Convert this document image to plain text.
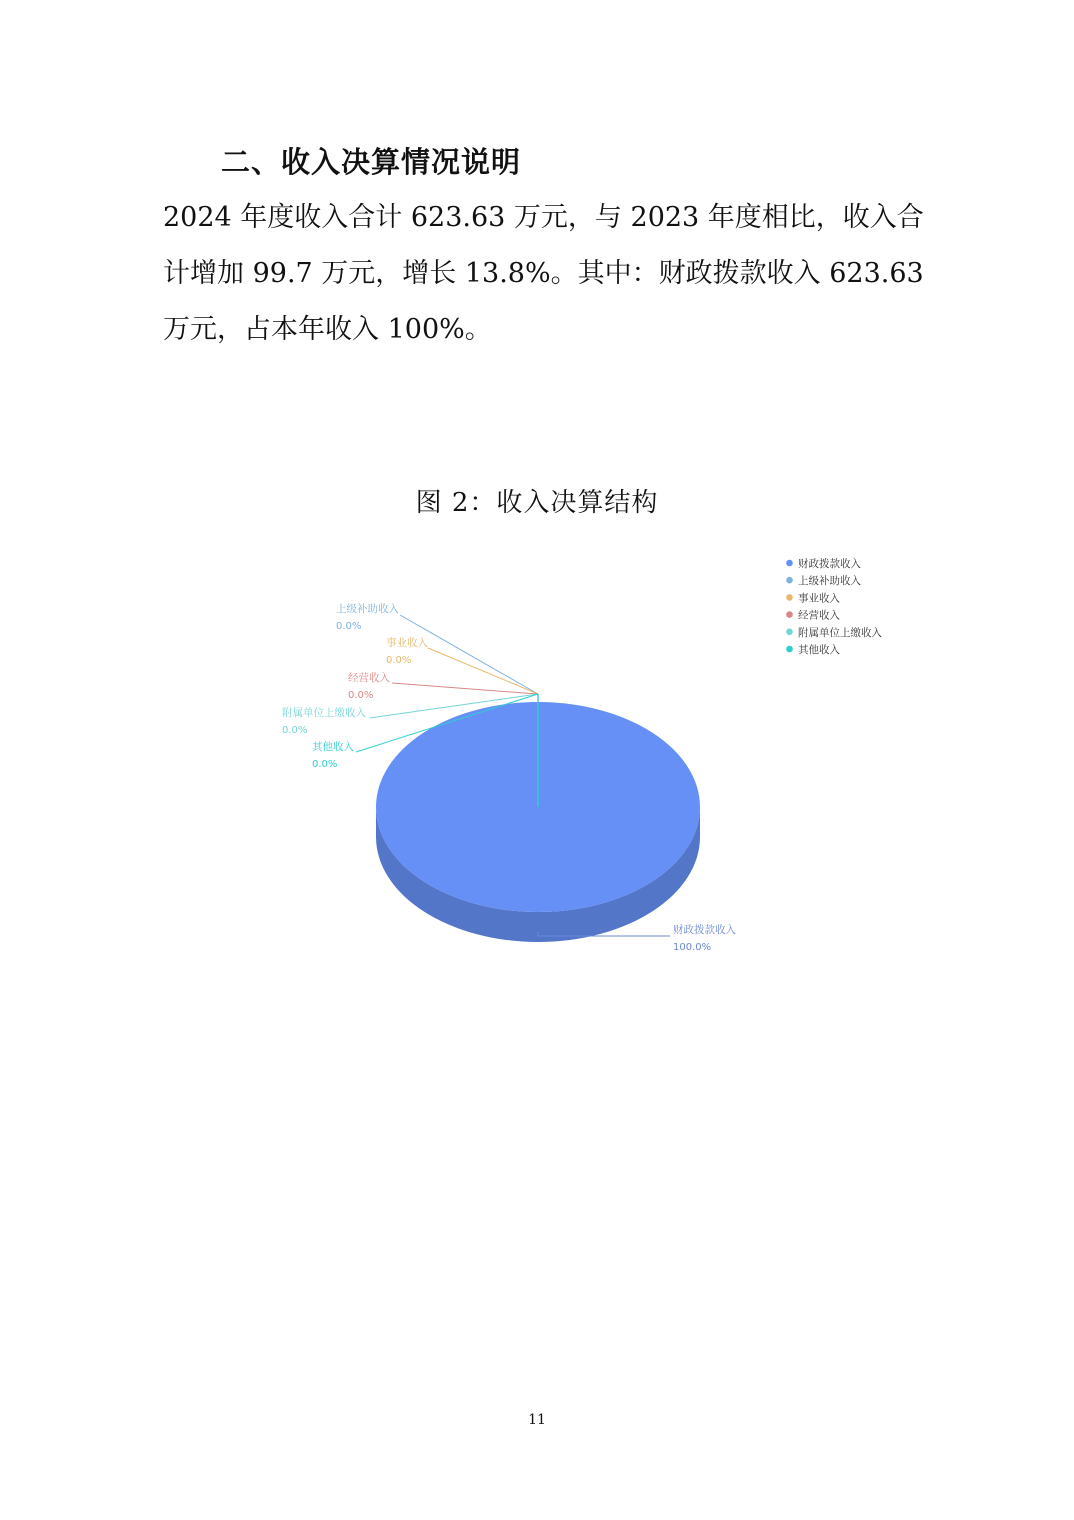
二、收入决算情况说明

2024 年度收入合计 623.63 万元，与 2023 年度相比，收入合
计增加 99.7 万元，增长 13.8%。其中：财政拨款收入 623.63
万元，占本年收入 100%。

图 2：收入决算结构
财政拨款收入
100.0%
上级补助收入
0.0%
事业收入
0.0%
经营收入
0.0%
附属单位上缴收入
0.0%
其他收入
0.0%
财政拨款收入
上级补助收入
事业收入
经营收入
附属单位上缴收入
其他收入
11
